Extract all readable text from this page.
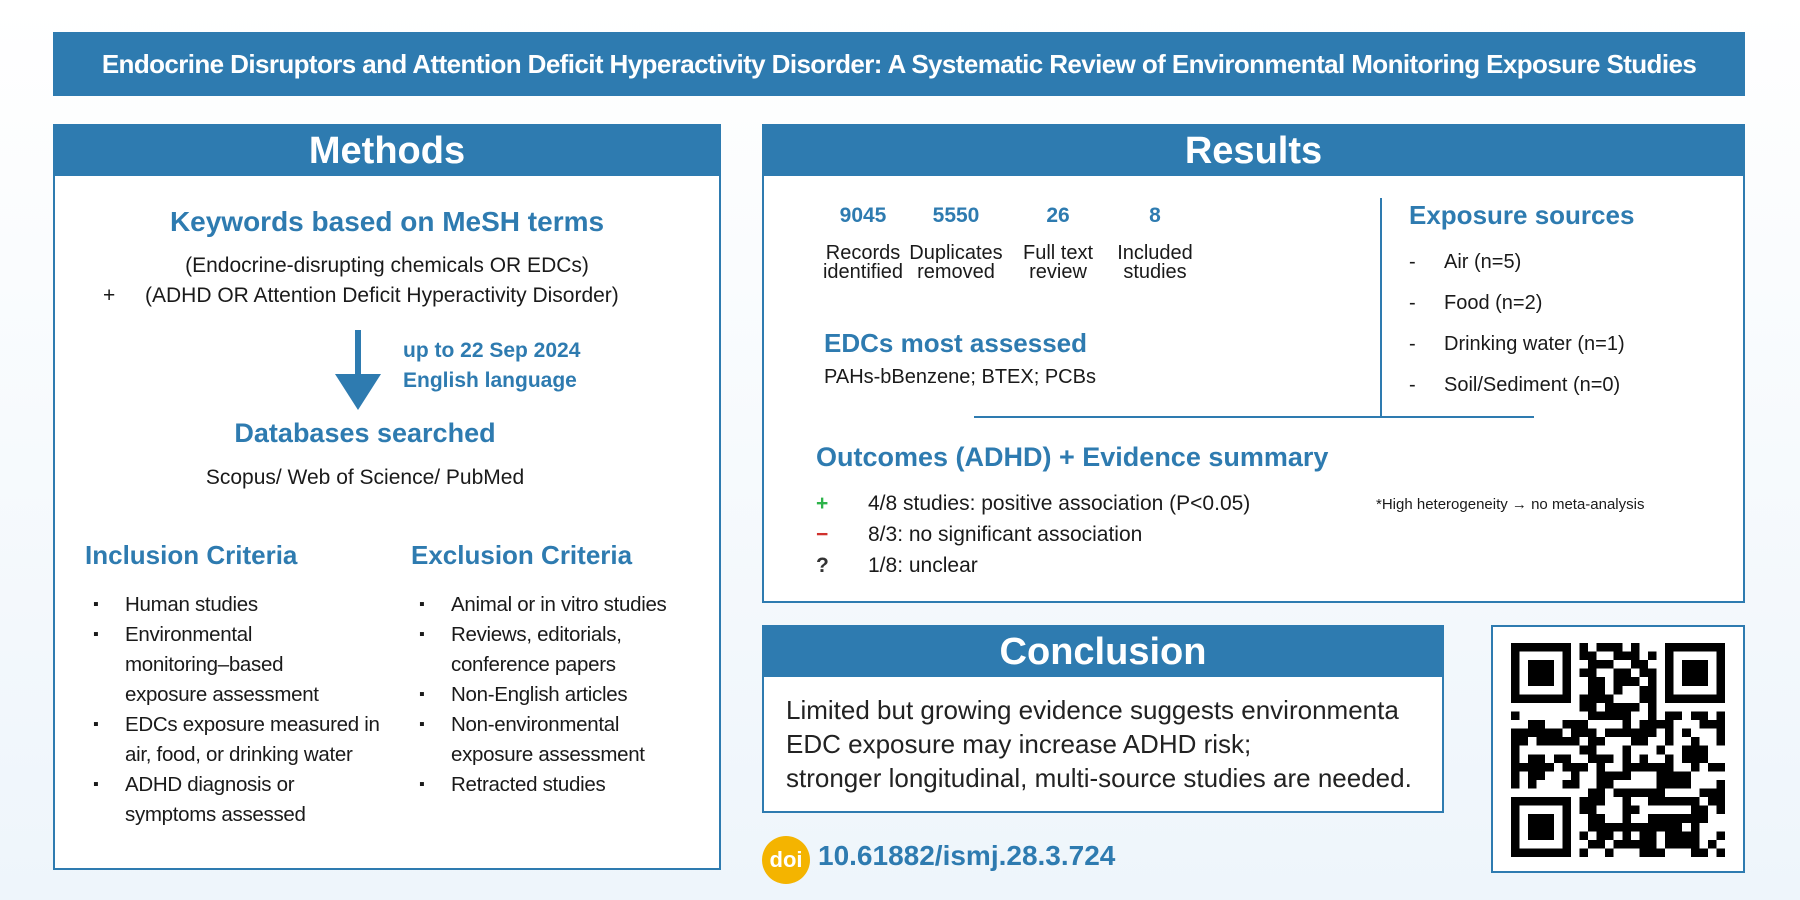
Endocrine Disruptors and Attention Deficit Hyperactivity Disorder: A Systematic Review of Environmental Monitoring Exposure Studies
Methods
Keywords based on MeSH terms
(Endocrine-disrupting chemicals OR EDCs)
+ (ADHD OR Attention Deficit Hyperactivity Disorder)
up to 22 Sep 2024
English language
Databases searched
Scopus/ Web of Science/ PubMed
Inclusion Criteria
▪ Human studies
▪ Environmental
monitoring–based
exposure assessment
▪ EDCs exposure measured in
air, food, or drinking water
▪ ADHD diagnosis or
symptoms assessed
Exclusion Criteria
▪ Animal or in vitro studies
▪ Reviews, editorials,
conference papers
▪ Non-English articles
▪ Non-environmental
exposure assessment
▪ Retracted studies
Results
9045
Records
identified
5550
Duplicates
removed
26
Full text
review
8
Included
studies
Exposure sources
- Air (n=5)
- Food (n=2)
- Drinking water (n=1)
- Soil/Sediment (n=0)
EDCs most assessed
PAHs-bBenzene; BTEX; PCBs
Outcomes (ADHD) + Evidence summary
+ 4/8 studies: positive association (P<0.05)
− 8/3: no significant association
? 1/8: unclear
*High heterogeneity → no meta-analysis
Conclusion
Limited but growing evidence suggests environmenta
EDC exposure may increase ADHD risk;
stronger longitudinal, multi-source studies are needed.
doi 10.61882/ismj.28.3.724
